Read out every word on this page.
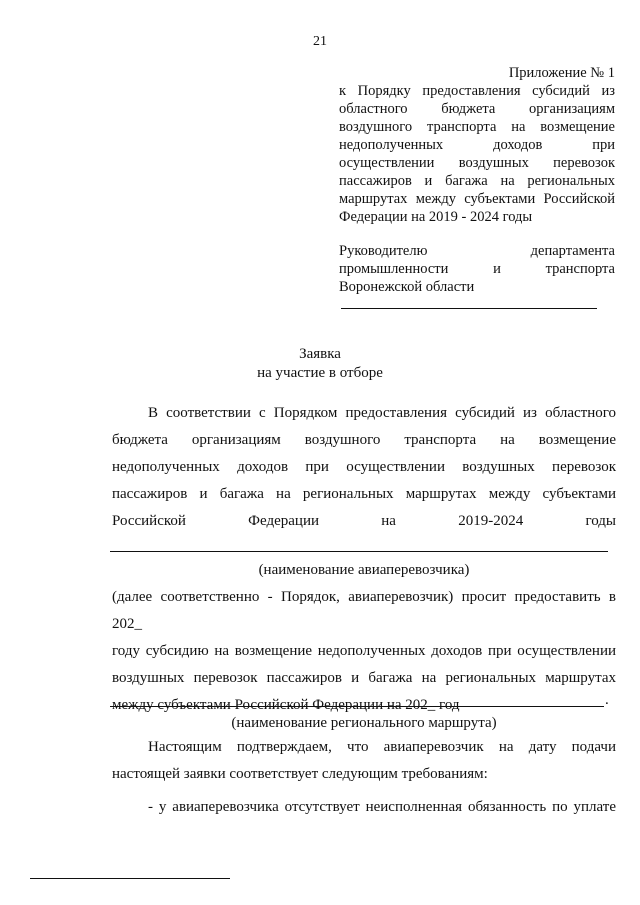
21
Приложение № 1
к Порядку предоставления субсидий из областного бюджета организациям воздушного транспорта на возмещение недополученных доходов при осуществлении воздушных перевозок пассажиров и багажа на региональных маршрутах между субъектами Российской Федерации на 2019 - 2024 годы
Руководителю департамента
промышленности и транспорта
Воронежской области
Заявка
на участие в отборе
В соответствии с Порядком предоставления субсидий из областного
бюджета организациям воздушного транспорта на возмещение
недополученных доходов при осуществлении воздушных перевозок
пассажиров и багажа на региональных маршрутах между субъектами
Российской Федерации на 2019-2024 годы
(наименование авиаперевозчика)
(далее соответственно - Порядок, авиаперевозчик) просит предоставить в 202_
году субсидию на возмещение недополученных доходов при осуществлении
воздушных перевозок пассажиров и багажа на региональных маршрутах
между субъектами Российской Федерации на 202_ год	.
(наименование регионального маршрута)
Настоящим подтверждаем, что авиаперевозчик на дату подачи
настоящей заявки соответствует следующим требованиям:
- у авиаперевозчика отсутствует неисполненная обязанность по уплате
